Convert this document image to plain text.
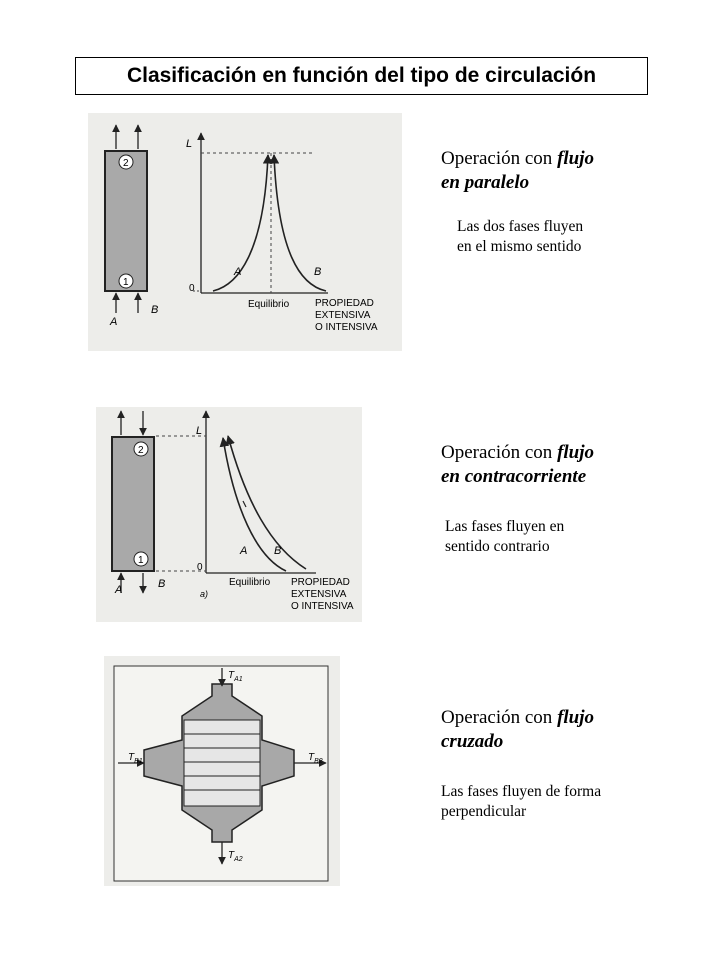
Clasificación en función del tipo de circulación
L
0
2
1
A
B
A	B
Equilibrio	PROPIEDAD
EXTENSIVA
O INTENSIVA
Operación con flujo
en paralelo
Las dos fases fluyen
en el mismo sentido
L
0
2
1
A	B
A B
Equilibrio
a)
PROPIEDAD
EXTENSIVA
O INTENSIVA
Operación con flujo
en contracorriente
Las fases fluyen en
sentido contrario
$T_{A1}$
$T_{A2}$
$T_{B1}$	$T_{B2}$
Operación con flujo
cruzado
Las fases fluyen de forma
perpendicular
